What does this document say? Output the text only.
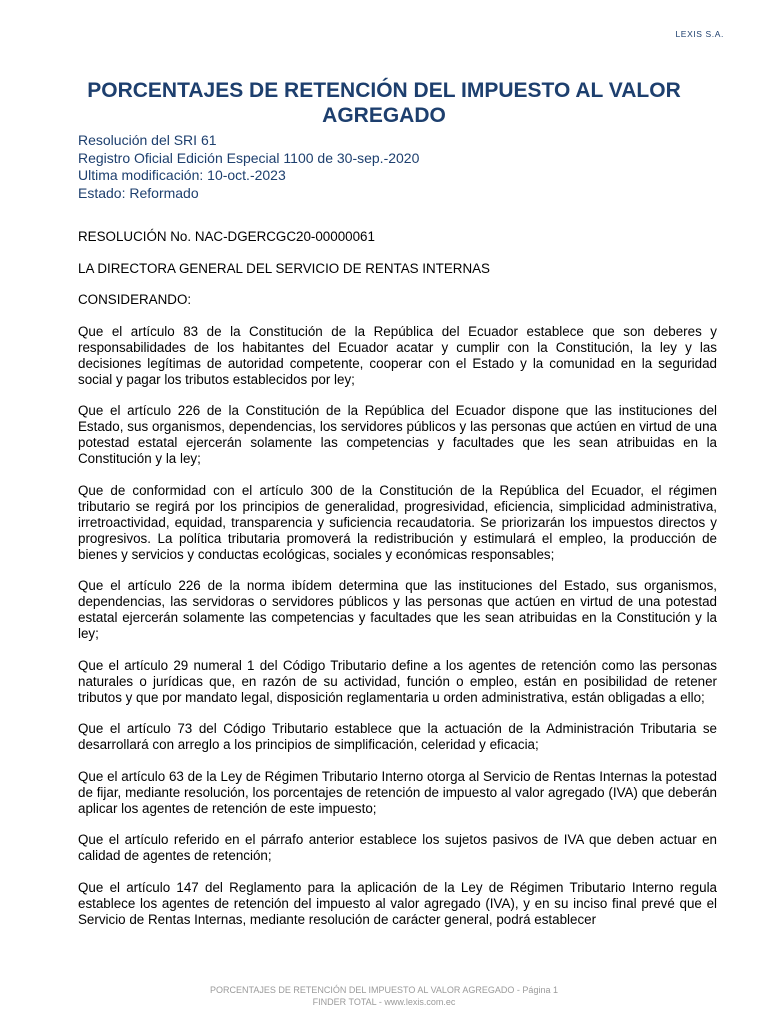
LEXIS S.A.
PORCENTAJES DE RETENCIÓN DEL IMPUESTO AL VALOR AGREGADO
Resolución del SRI 61
Registro Oficial Edición Especial 1100 de 30-sep.-2020
Ultima modificación: 10-oct.-2023
Estado: Reformado

RESOLUCIÓN No. NAC-DGERCGC20-00000061

LA DIRECTORA GENERAL DEL SERVICIO DE RENTAS INTERNAS

CONSIDERANDO:

Que el artículo 83 de la Constitución de la República del Ecuador establece que son deberes y responsabilidades de los habitantes del Ecuador acatar y cumplir con la Constitución, la ley y las decisiones legítimas de autoridad competente, cooperar con el Estado y la comunidad en la seguridad social y pagar los tributos establecidos por ley;

Que el artículo 226 de la Constitución de la República del Ecuador dispone que las instituciones del Estado, sus organismos, dependencias, los servidores públicos y las personas que actúen en virtud de una potestad estatal ejercerán solamente las competencias y facultades que les sean atribuidas en la Constitución y la ley;

Que de conformidad con el artículo 300 de la Constitución de la República del Ecuador, el régimen tributario se regirá por los principios de generalidad, progresividad, eficiencia, simplicidad administrativa, irretroactividad, equidad, transparencia y suficiencia recaudatoria. Se priorizarán los impuestos directos y progresivos. La política tributaria promoverá la redistribución y estimulará el empleo, la producción de bienes y servicios y conductas ecológicas, sociales y económicas responsables;

Que el artículo 226 de la norma ibídem determina que las instituciones del Estado, sus organismos, dependencias, las servidoras o servidores públicos y las personas que actúen en virtud de una potestad estatal ejercerán solamente las competencias y facultades que les sean atribuidas en la Constitución y la ley;

Que el artículo 29 numeral 1 del Código Tributario define a los agentes de retención como las personas naturales o jurídicas que, en razón de su actividad, función o empleo, están en posibilidad de retener tributos y que por mandato legal, disposición reglamentaria u orden administrativa, están obligadas a ello;

Que el artículo 73 del Código Tributario establece que la actuación de la Administración Tributaria se desarrollará con arreglo a los principios de simplificación, celeridad y eficacia;

Que el artículo 63 de la Ley de Régimen Tributario Interno otorga al Servicio de Rentas Internas la potestad de fijar, mediante resolución, los porcentajes de retención de impuesto al valor agregado (IVA) que deberán aplicar los agentes de retención de este impuesto;

Que el artículo referido en el párrafo anterior establece los sujetos pasivos de IVA que deben actuar en calidad de agentes de retención;

Que el artículo 147 del Reglamento para la aplicación de la Ley de Régimen Tributario Interno regula establece los agentes de retención del impuesto al valor agregado (IVA), y en su inciso final prevé que el Servicio de Rentas Internas, mediante resolución de carácter general, podrá establecer

PORCENTAJES DE RETENCIÓN DEL IMPUESTO AL VALOR AGREGADO - Página 1
FINDER TOTAL - www.lexis.com.ec
